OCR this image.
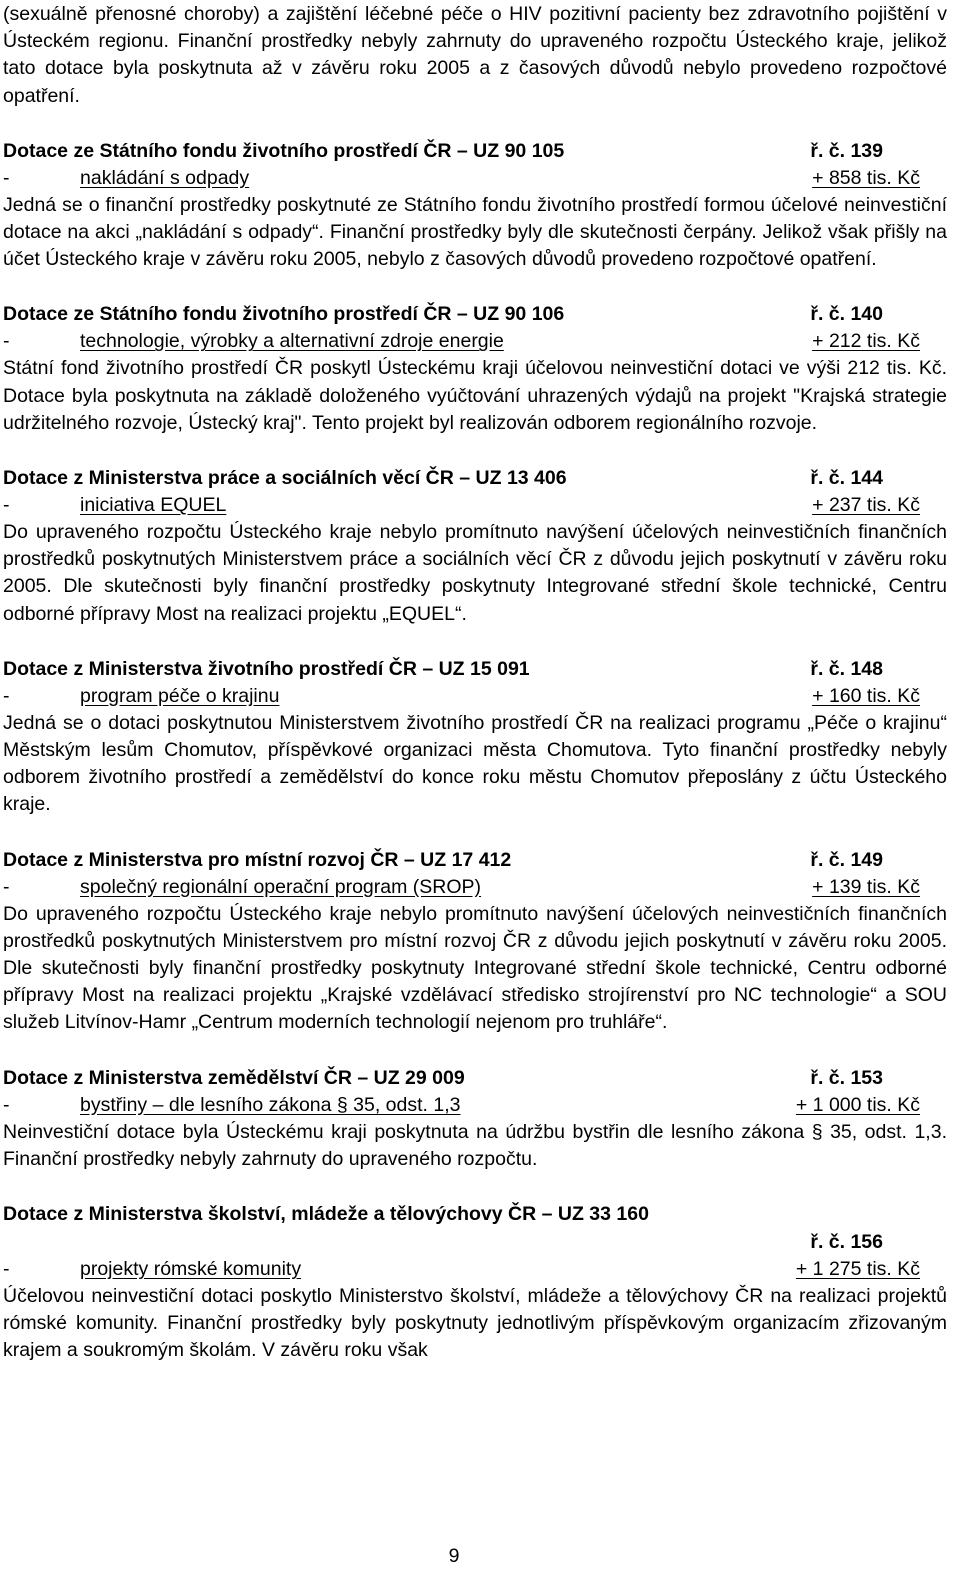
(sexuálně přenosné choroby) a zajištění léčebné péče o HIV pozitivní pacienty bez zdravotního pojištění v Ústeckém regionu. Finanční prostředky nebyly zahrnuty do upraveného rozpočtu Ústeckého kraje, jelikož tato dotace byla poskytnuta až v závěru roku 2005 a z časových důvodů nebylo provedeno rozpočtové opatření.

Dotace ze Státního fondu životního prostředí ČR – UZ 90 105	ř. č. 139
-	nakládání s odpady	+ 858 tis. Kč

Jedná se o finanční prostředky poskytnuté ze Státního fondu životního prostředí formou účelové neinvestiční dotace na akci „nakládání s odpady“. Finanční prostředky byly dle skutečnosti čerpány. Jelikož však přišly na účet Ústeckého kraje v závěru roku 2005, nebylo z časových důvodů provedeno rozpočtové opatření.

Dotace ze Státního fondu životního prostředí ČR – UZ 90 106	ř. č. 140
-	technologie, výrobky a alternativní zdroje energie	+ 212 tis. Kč

Státní fond životního prostředí ČR poskytl Ústeckému kraji účelovou neinvestiční dotaci ve výši 212 tis. Kč. Dotace byla poskytnuta na základě doloženého vyúčtování uhrazených výdajů na projekt "Krajská strategie udržitelného rozvoje, Ústecký kraj". Tento projekt byl realizován odborem regionálního rozvoje.

Dotace z Ministerstva práce a sociálních věcí ČR – UZ 13 406	ř. č. 144
-	iniciativa EQUEL	+ 237 tis. Kč

Do upraveného rozpočtu Ústeckého kraje nebylo promítnuto navýšení účelových neinvestičních finančních prostředků poskytnutých Ministerstvem práce a sociálních věcí ČR z důvodu jejich poskytnutí v závěru roku 2005. Dle skutečnosti byly finanční prostředky poskytnuty Integrované střední škole technické, Centru odborné přípravy Most na realizaci projektu „EQUEL“.

Dotace z Ministerstva životního prostředí ČR – UZ 15 091	ř. č. 148
-	program péče o krajinu	+ 160 tis. Kč

Jedná se o dotaci poskytnutou Ministerstvem životního prostředí ČR na realizaci programu „Péče o krajinu“ Městským lesům Chomutov, příspěvkové organizaci města Chomutova. Tyto finanční prostředky nebyly odborem životního prostředí a zemědělství do konce roku městu Chomutov přeposlány z účtu Ústeckého kraje.

Dotace z Ministerstva pro místní rozvoj ČR – UZ 17 412	ř. č. 149
-	společný regionální operační program (SROP)	+ 139 tis. Kč

Do upraveného rozpočtu Ústeckého kraje nebylo promítnuto navýšení účelových neinvestičních finančních prostředků poskytnutých Ministerstvem pro místní rozvoj ČR z důvodu jejich poskytnutí v závěru roku 2005. Dle skutečnosti byly finanční prostředky poskytnuty Integrované střední škole technické, Centru odborné přípravy Most na realizaci projektu „Krajské vzdělávací středisko strojírenství pro NC technologie“ a SOU služeb Litvínov-Hamr „Centrum moderních technologií nejenom pro truhláře“.

Dotace z Ministerstva zemědělství ČR – UZ 29 009	ř. č. 153
-	bystřiny – dle lesního zákona § 35, odst. 1,3	+ 1 000 tis. Kč

Neinvestiční dotace byla Ústeckému kraji poskytnuta na údržbu bystřin dle lesního zákona § 35, odst. 1,3. Finanční prostředky nebyly zahrnuty do upraveného rozpočtu.

Dotace z Ministerstva školství, mládeže a tělovýchovy ČR – UZ 33 160
ř. č. 156
-	projekty rómské komunity	+ 1 275 tis. Kč

Účelovou neinvestiční dotaci poskytlo Ministerstvo školství, mládeže a tělovýchovy ČR na realizaci projektů rómské komunity. Finanční prostředky byly poskytnuty jednotlivým příspěvkovým organizacím zřizovaným krajem a soukromým školám. V závěru roku však

9
